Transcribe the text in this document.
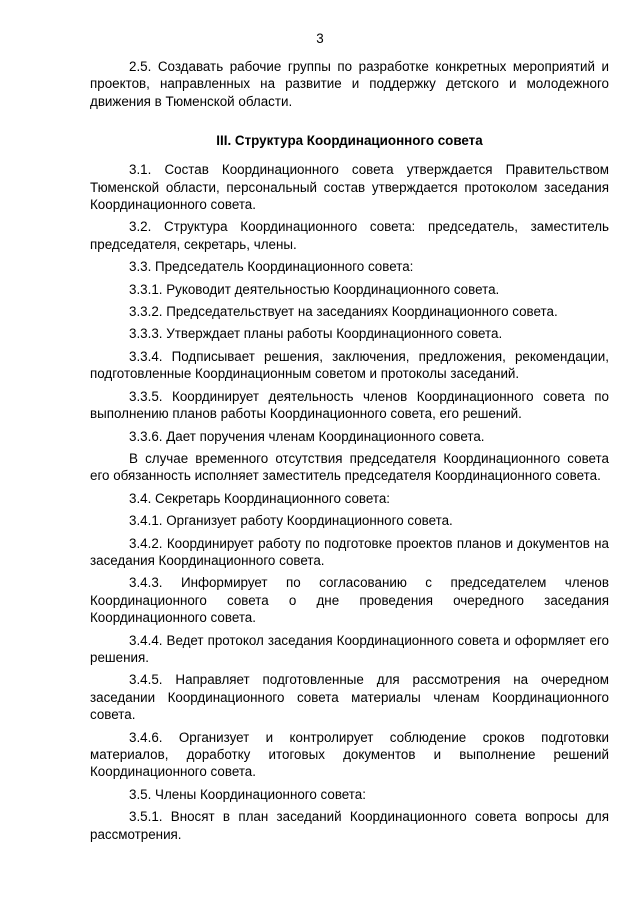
3

2.5. Создавать рабочие группы по разработке конкретных мероприятий и проектов, направленных на развитие и поддержку детского и молодежного движения в Тюменской области.

III. Структура Координационного совета

3.1. Состав Координационного совета утверждается Правительством Тюменской области, персональный состав утверждается протоколом заседания Координационного совета.

3.2. Структура Координационного совета: председатель, заместитель председателя, секретарь, члены.

3.3. Председатель Координационного совета:

3.3.1. Руководит деятельностью Координационного совета.

3.3.2. Председательствует на заседаниях Координационного совета.

3.3.3. Утверждает планы работы Координационного совета.

3.3.4. Подписывает решения, заключения, предложения, рекомендации, подготовленные Координационным советом и протоколы заседаний.

3.3.5. Координирует деятельность членов Координационного совета по выполнению планов работы Координационного совета, его решений.

3.3.6. Дает поручения членам Координационного совета.

В случае временного отсутствия председателя Координационного совета его обязанность исполняет заместитель председателя Координационного совета.

3.4. Секретарь Координационного совета:

3.4.1. Организует работу Координационного совета.

3.4.2. Координирует работу по подготовке проектов планов и документов на заседания Координационного совета.

3.4.3. Информирует по согласованию с председателем членов Координационного совета о дне проведения очередного заседания Координационного совета.

3.4.4. Ведет протокол заседания Координационного совета и оформляет его решения.

3.4.5. Направляет подготовленные для рассмотрения на очередном заседании Координационного совета материалы членам Координационного совета.

3.4.6. Организует и контролирует соблюдение сроков подготовки материалов, доработку итоговых документов и выполнение решений Координационного совета.

3.5. Члены Координационного совета:

3.5.1. Вносят в план заседаний Координационного совета вопросы для рассмотрения.
